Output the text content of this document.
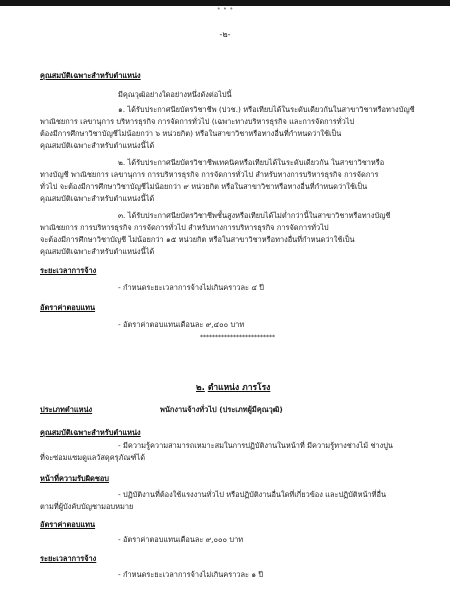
• • •
-๒-
คุณสมบัติเฉพาะสำหรับตำแหน่ง
มีคุณวุฒิอย่างใดอย่างหนึ่งดังต่อไปนี้
๑. ได้รับประกาศนียบัตรวิชาชีพ (ปวช.) หรือเทียบได้ในระดับเดียวกันในสาขาวิชาหรือทางบัญชี
พาณิชยการ เลขานุการ บริหารธุรกิจ การจัดการทั่วไป (เฉพาะทางบริหารธุรกิจ และการจัดการทั่วไป
ต้องมีการศึกษาวิชาบัญชีไม่น้อยกว่า ๖ หน่วยกิต) หรือในสาขาวิชาหรือทางอื่นที่กำหนดว่าใช้เป็น
คุณสมบัติเฉพาะสำหรับตำแหน่งนี้ได้
๒. ได้รับประกาศนียบัตรวิชาชีพเทคนิคหรือเทียบได้ในระดับเดียวกัน ในสาขาวิชาหรือ
ทางบัญชี พาณิชยการ เลขานุการ การบริหารธุรกิจ การจัดการทั่วไป สำหรับทางการบริหารธุรกิจ การจัดการ
ทั่วไป จะต้องมีการศึกษาวิชาบัญชีไม่น้อยกว่า ๙ หน่วยกิต หรือในสาขาวิชาหรือทางอื่นที่กำหนดว่าใช้เป็น
คุณสมบัติเฉพาะสำหรับตำแหน่งนี้ได้
๓. ได้รับประกาศนียบัตรวิชาชีพชั้นสูงหรือเทียบได้ไม่ต่ำกว่านี้ในสาขาวิชาหรือทางบัญชี
พาณิชยการ การบริหารธุรกิจ การจัดการทั่วไป สำหรับทางการบริหารธุรกิจ การจัดการทั่วไป
จะต้องมีการศึกษาวิชาบัญชี ไม่น้อยกว่า ๑๕ หน่วยกิต หรือในสาขาวิชาหรือทางอื่นที่กำหนดว่าใช้เป็น
คุณสมบัติเฉพาะสำหรับตำแหน่งนี้ได้
ระยะเวลาการจ้าง
- กำหนดระยะเวลาการจ้างไม่เกินคราวละ ๔ ปี
อัตราค่าตอบแทน
- อัตราค่าตอบแทนเดือนละ ๙,๔๐๐ บาท
*************************
๒. ตำแหน่ง ภารโรง
ประเภทตำแหน่ง	พนักงานจ้างทั่วไป (ประเภทผู้มีคุณวุฒิ)
คุณสมบัติเฉพาะสำหรับตำแหน่ง
- มีความรู้ความสามารถเหมาะสมในการปฏิบัติงานในหน้าที่ มีความรู้ทางช่างไม้ ช่างปูน
ที่จะซ่อมแซมดูแลวัสดุครุภัณฑ์ได้
หน้าที่ความรับผิดชอบ
- ปฏิบัติงานที่ต้องใช้แรงงานทั่วไป หรือปฏิบัติงานอื่นใดที่เกี่ยวข้อง และปฏิบัติหน้าที่อื่น
ตามที่ผู้บังคับบัญชามอบหมาย
อัตราค่าตอบแทน
- อัตราค่าตอบแทนเดือนละ ๙,๐๐๐ บาท
ระยะเวลาการจ้าง
- กำหนดระยะเวลาการจ้างไม่เกินคราวละ ๑ ปี
